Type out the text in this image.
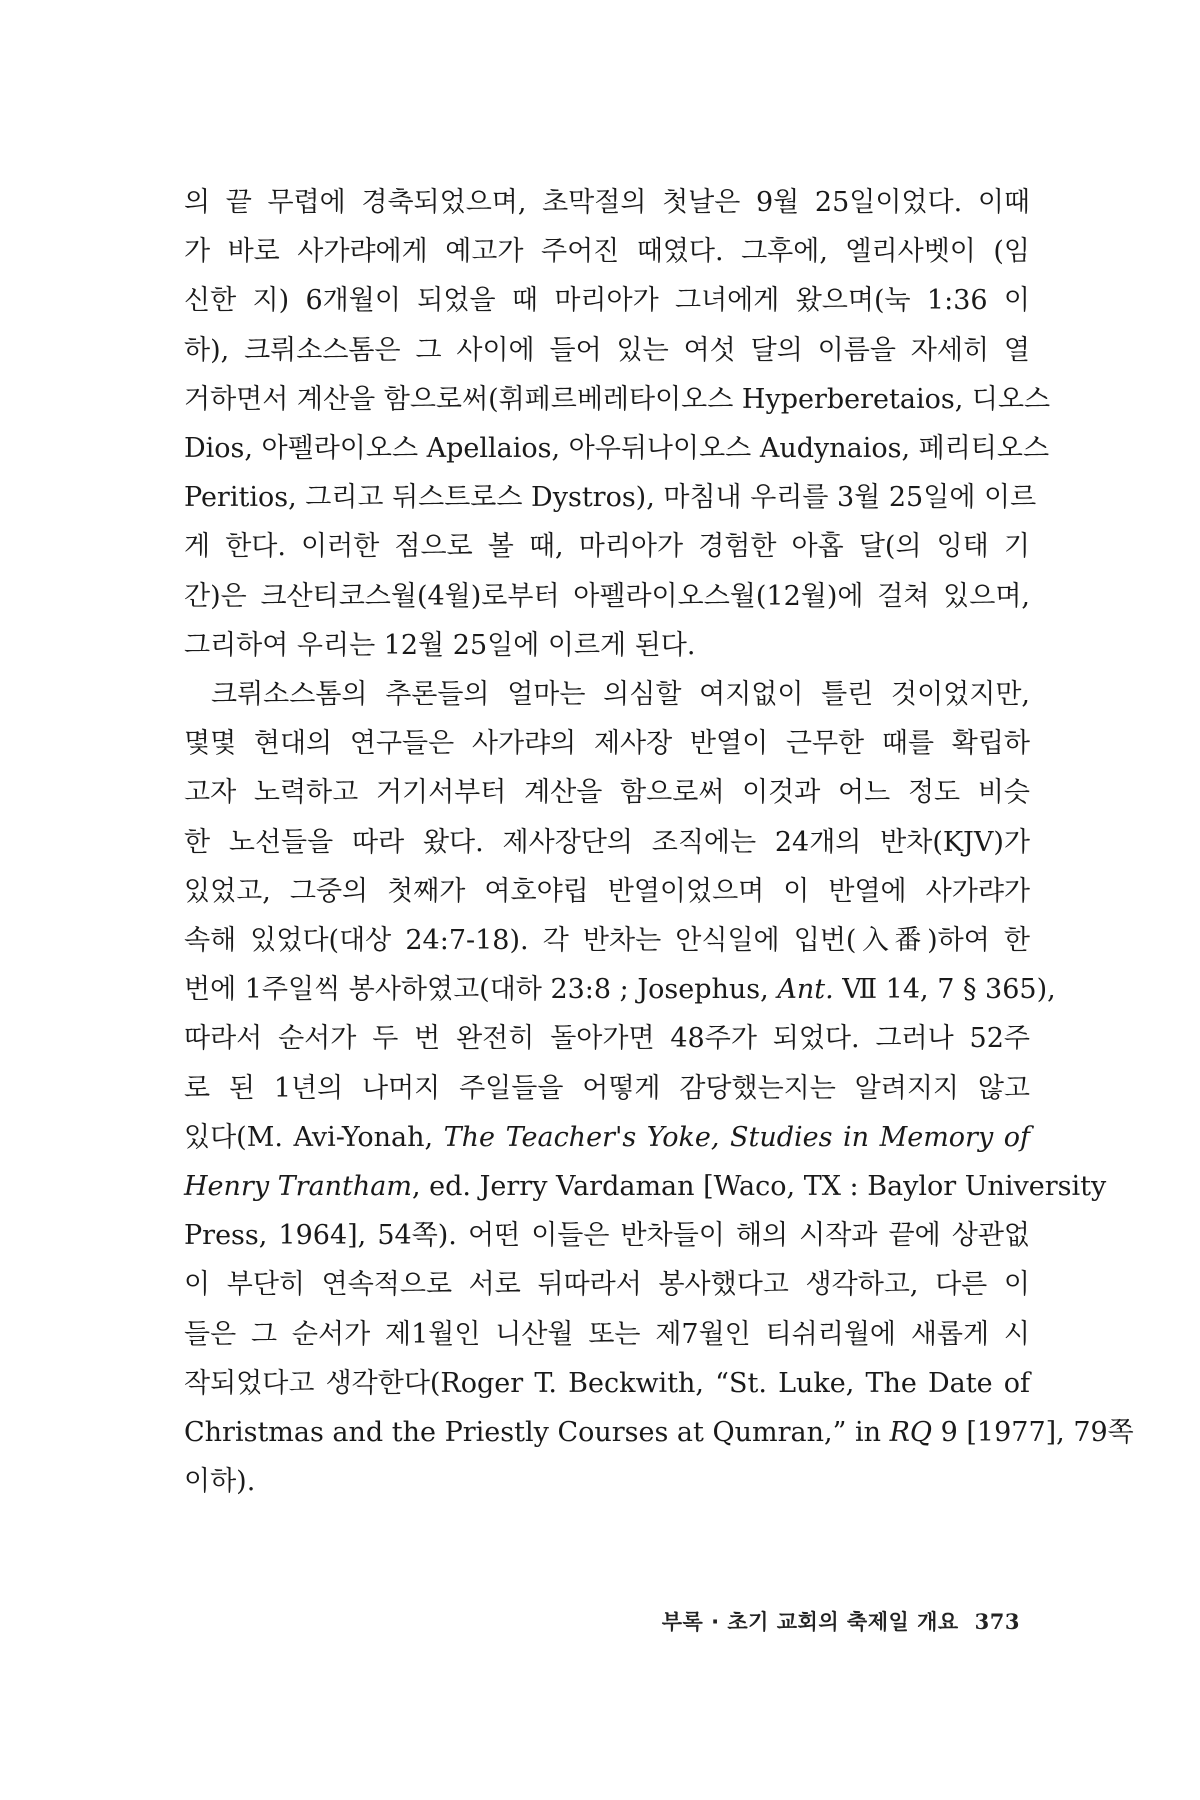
의 끝 무렵에 경축되었으며, 초막절의 첫날은 9월 25일이었다. 이때
가 바로 사가랴에게 예고가 주어진 때였다. 그후에, 엘리사벳이 (임
신한 지) 6개월이 되었을 때 마리아가 그녀에게 왔으며(눅 1:36 이
하), 크뤼소스톰은 그 사이에 들어 있는 여섯 달의 이름을 자세히 열
거하면서 계산을 함으로써(휘페르베레타이오스 Hyperberetaios, 디오스
Dios, 아펠라이오스 Apellaios, 아우뒤나이오스 Audynaios, 페리티오스
Peritios, 그리고 뒤스트로스 Dystros), 마침내 우리를 3월 25일에 이르
게 한다. 이러한 점으로 볼 때, 마리아가 경험한 아홉 달(의 잉태 기
간)은 크산티코스월(4월)로부터 아펠라이오스월(12월)에 걸쳐 있으며,
그리하여 우리는 12월 25일에 이르게 된다.

크뤼소스톰의 추론들의 얼마는 의심할 여지없이 틀린 것이었지만,
몇몇 현대의 연구들은 사가랴의 제사장 반열이 근무한 때를 확립하
고자 노력하고 거기서부터 계산을 함으로써 이것과 어느 정도 비슷
한 노선들을 따라 왔다. 제사장단의 조직에는 24개의 반차(KJV)가
있었고, 그중의 첫째가 여호야립 반열이었으며 이 반열에 사가랴가
속해 있었다(대상 24:7-18). 각 반차는 안식일에 입번(入番)하여 한
번에 1주일씩 봉사하였고(대하 23:8 ; Josephus, Ant. Ⅶ 14, 7 § 365),
따라서 순서가 두 번 완전히 돌아가면 48주가 되었다. 그러나 52주
로 된 1년의 나머지 주일들을 어떻게 감당했는지는 알려지지 않고
있다(M. Avi-Yonah, The Teacher's Yoke, Studies in Memory of
Henry Trantham, ed. Jerry Vardaman [Waco, TX : Baylor University
Press, 1964], 54쪽). 어떤 이들은 반차들이 해의 시작과 끝에 상관없
이 부단히 연속적으로 서로 뒤따라서 봉사했다고 생각하고, 다른 이
들은 그 순서가 제1월인 니산월 또는 제7월인 티쉬리월에 새롭게 시
작되었다고 생각한다(Roger T. Beckwith, “St. Luke, The Date of
Christmas and the Priestly Courses at Qumran,” in RQ 9 [1977], 79쪽
이하).

부록 · 초기 교회의 축제일 개요 373
